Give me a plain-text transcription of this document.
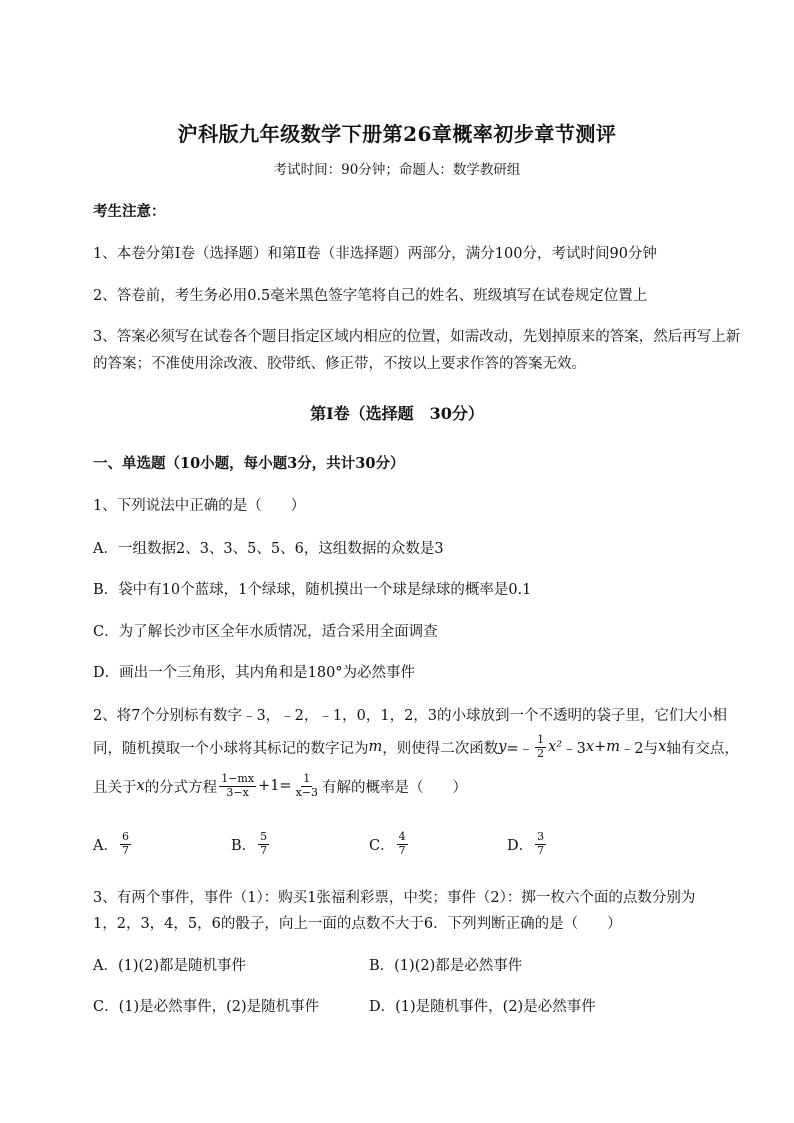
沪科版九年级数学下册第26章概率初步章节测评
考试时间：90分钟；命题人：数学教研组
考生注意：
1、本卷分第I卷（选择题）和第Ⅱ卷（非选择题）两部分，满分100分，考试时间90分钟
2、答卷前，考生务必用0.5毫米黑色签字笔将自己的姓名、班级填写在试卷规定位置上
3、答案必须写在试卷各个题目指定区域内相应的位置，如需改动，先划掉原来的答案，然后再写上新
的答案；不准使用涂改液、胶带纸、修正带，不按以上要求作答的答案无效。
第I卷（选择题　30分）
一、单选题（10小题，每小题3分，共计30分）
1、下列说法中正确的是（　　）
A．一组数据2、3、3、5、5、6，这组数据的众数是3
B．袋中有10个蓝球，1个绿球，随机摸出一个球是绿球的概率是0.1
C．为了解长沙市区全年水质情况，适合采用全面调查
D．画出一个三角形，其内角和是180°为必然事件
2、将7个分别标有数字﹣3，﹣2，﹣1，0，1，2，3的小球放到一个不透明的袋子里，它们大小相
同，随机摸取一个小球将其标记的数字记为 m ，则使得二次函数 y =﹣ $\frac{1}{2} x^2$ ﹣3 x + m ﹣2与 x 轴有交点，
且关于 x 的分式方程 $\frac{1-mx}{3-x} +1= \frac{1}{x-3}$ 有解的概率是（　　）
A． $\frac{6}{7}$	B． $\frac{5}{7}$	C． $\frac{4}{7}$	D． $\frac{3}{7}$
3、有两个事件，事件（1）：购买1张福利彩票，中奖；事件（2）：掷一枚六个面的点数分别为
1，2，3，4，5，6的骰子，向上一面的点数不大于6．下列判断正确的是（　　）
A．(1)(2)都是随机事件	B．(1)(2)都是必然事件
C．(1)是必然事件，(2)是随机事件	D．(1)是随机事件，(2)是必然事件
